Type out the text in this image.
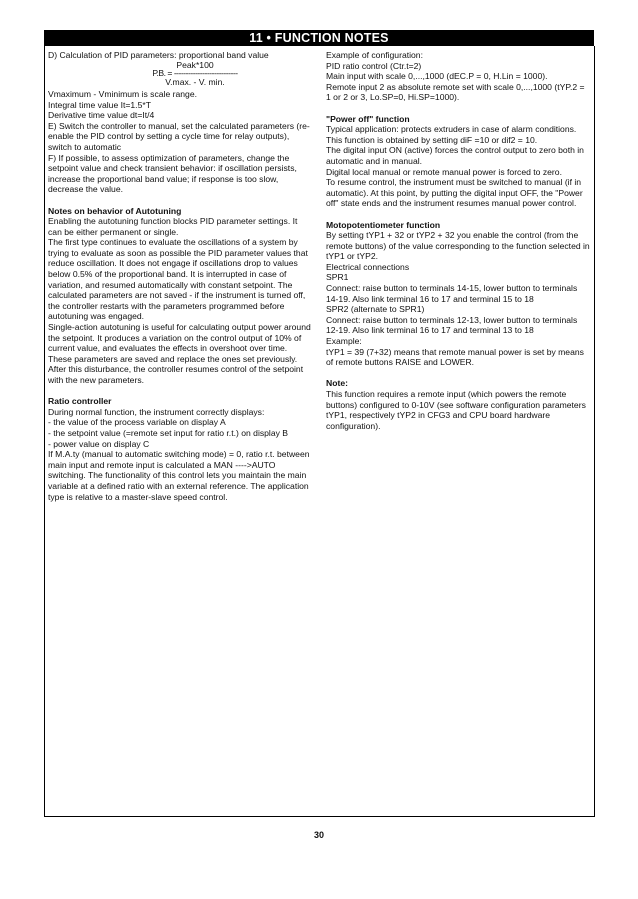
11 • FUNCTION NOTES

D) Calculation of PID parameters: proportional band value

Peak*100
P.B. = ---------------------------
V.max. - V. min.

Vmaximum - Vminimum is scale range.

Integral time value It=1.5*T

Derivative time value dt=It/4

E) Switch the controller to manual, set the calculated parameters (re-enable the PID control by setting a cycle time for relay outputs), switch to automatic

F) If possible, to assess optimization of parameters, change the setpoint value and check transient behavior: if oscillation persists, increase the proportional band value; if response is too slow, decrease the value.

Notes on behavior of Autotuning

Enabling the autotuning function blocks PID parameter settings. It can be either permanent or single.

The first type continues to evaluate the oscillations of a system by trying to evaluate as soon as possible the PID parameter values that reduce oscillation. It does not engage if oscillations drop to values below 0.5% of the proportional band. It is interrupted in case of variation, and resumed automatically with constant setpoint. The calculated parameters are not saved - if the instrument is turned off, the controller restarts with the parameters programmed before autotuning was engaged.

Single-action autotuning is useful for calculating output power around the setpoint. It produces a variation on the control output of 10% of current value, and evaluates the effects in overshoot over time. These parameters are saved and replace the ones set previously. After this disturbance, the controller resumes control of the setpoint with the new parameters.

Ratio controller

During normal function, the instrument correctly displays:

- the value of the process variable on display A

- the setpoint value (=remote set input for ratio r.t.) on display B

- power value on display C

If M.A.ty (manual to automatic switching mode) = 0, ratio r.t. between main input and remote input is calculated a MAN ---->AUTO switching. The functionality of this control lets you maintain the main variable at a defined ratio with an external reference. The application type is relative to a master-slave speed control.

Example of configuration:

PID ratio control (Ctr.t=2)

Main input with scale 0,...,1000 (dEC.P = 0, H.Lin = 1000).

Remote input 2 as absolute remote set with scale 0,...,1000 (tYP.2 = 1 or 2 or 3, Lo.SP=0, Hi.SP=1000).

"Power off" function

Typical application: protects extruders in case of alarm conditions. This function is obtained by setting diF =10 or dif2 = 10.

The digital input ON (active) forces the control output to zero both in automatic and in manual.

Digital local manual or remote manual power is forced to zero.

To resume control, the instrument must be switched to manual (if in automatic). At this point, by putting the digital input OFF, the "Power off" state ends and the instrument resumes manual power control.

Motopotentiometer function

By setting tYP1 + 32 or tYP2 + 32 you enable the control (from the remote buttons) of the value corresponding to the function selected in tYP1 or tYP2.

Electrical connections

SPR1

Connect: raise button to terminals 14-15, lower button to terminals 14-19. Also link terminal 16 to 17 and terminal 15 to 18

SPR2 (alternate to SPR1)

Connect: raise button to terminals 12-13, lower button to terminals 12-19. Also link terminal 16 to 17 and terminal 13 to 18

Example:

tYP1 = 39 (7+32) means that remote manual power is set by means of remote buttons RAISE and LOWER.

Note:

This function requires a remote input (which powers the remote buttons) configured to 0-10V (see software configuration parameters tYP1, respectively tYP2 in CFG3 and CPU board hardware configuration).

30
